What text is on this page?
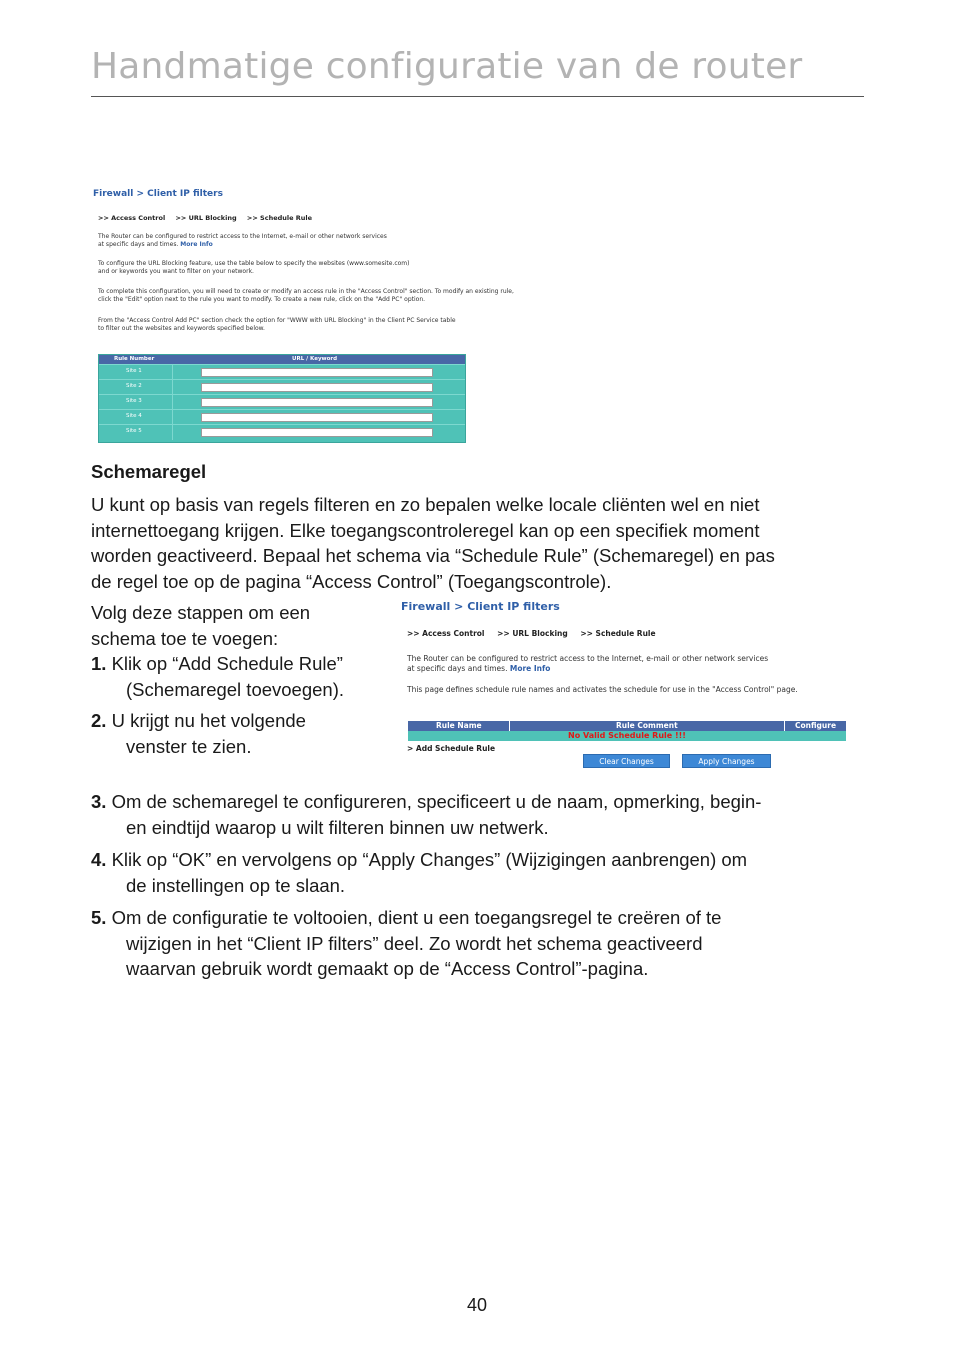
Handmatige configuratie van de router
Firewall > Client IP filters
>> Access Control >> URL Blocking >> Schedule Rule
The Router can be configured to restrict access to the Internet, e-mail or other network services
at specific days and times. More Info
To configure the URL Blocking feature, use the table below to specify the websites (www.somesite.com)
and or keywords you want to filter on your network.
To complete this configuration, you will need to create or modify an access rule in the "Access Control" section. To modify an existing rule,
click the "Edit" option next to the rule you want to modify. To create a new rule, click on the "Add PC" option.
From the "Access Control Add PC" section check the option for "WWW with URL Blocking" in the Client PC Service table
to filter out the websites and keywords specified below.
Rule Number	URL / Keyword
Site 1
Site 2
Site 3
Site 4
Site 5
Schemaregel
U kunt op basis van regels filteren en zo bepalen welke locale cliënten wel en niet
internettoegang krijgen. Elke toegangscontroleregel kan op een specifiek moment
worden geactiveerd. Bepaal het schema via “Schedule Rule” (Schemaregel) en pas
de regel toe op de pagina “Access Control” (Toegangscontrole).
Volg deze stappen om een
schema toe te voegen:
1. Klik op “Add Schedule Rule”
(Schemaregel toevoegen).
2. U krijgt nu het volgende
venster te zien.
Firewall > Client IP filters
>> Access Control >> URL Blocking >> Schedule Rule
The Router can be configured to restrict access to the Internet, e-mail or other network services
at specific days and times. More Info
This page defines schedule rule names and activates the schedule for use in the "Access Control" page.
Rule Name	Rule Comment	Configure
No Valid Schedule Rule !!!
> Add Schedule Rule
Clear Changes	Apply Changes
3. Om de schemaregel te configureren, specificeert u de naam, opmerking, begin-
en eindtijd waarop u wilt filteren binnen uw netwerk.
4. Klik op “OK” en vervolgens op “Apply Changes” (Wijzigingen aanbrengen) om
de instellingen op te slaan.
5. Om de configuratie te voltooien, dient u een toegangsregel te creëren of te
wijzigen in het “Client IP filters” deel. Zo wordt het schema geactiveerd
waarvan gebruik wordt gemaakt op de “Access Control”-pagina.
40
